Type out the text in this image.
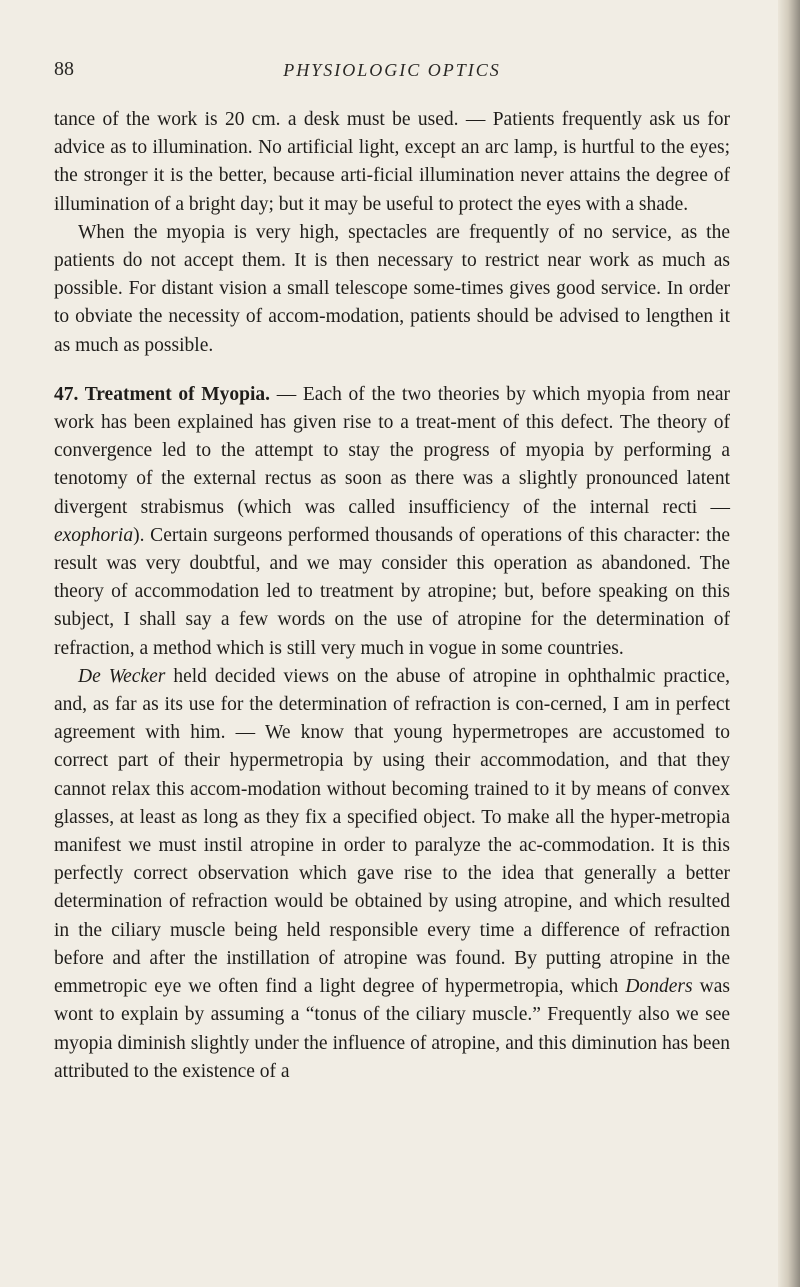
88	PHYSIOLOGIC OPTICS

tance of the work is 20 cm. a desk must be used. — Patients frequently ask us for advice as to illumination. No artificial light, except an arc lamp, is hurtful to the eyes; the stronger it is the better, because arti-ficial illumination never attains the degree of illumination of a bright day; but it may be useful to protect the eyes with a shade.

When the myopia is very high, spectacles are frequently of no service, as the patients do not accept them. It is then necessary to restrict near work as much as possible. For distant vision a small telescope some-times gives good service. In order to obviate the necessity of accom-modation, patients should be advised to lengthen it as much as possible.

47. Treatment of Myopia. — Each of the two theories by which myopia from near work has been explained has given rise to a treat-ment of this defect. The theory of convergence led to the attempt to stay the progress of myopia by performing a tenotomy of the external rectus as soon as there was a slightly pronounced latent divergent strabismus (which was called insufficiency of the internal recti — exophoria). Certain surgeons performed thousands of operations of this character: the result was very doubtful, and we may consider this operation as abandoned. The theory of accommodation led to treatment by atropine; but, before speaking on this subject, I shall say a few words on the use of atropine for the determination of refraction, a method which is still very much in vogue in some countries.

De Wecker held decided views on the abuse of atropine in ophthalmic practice, and, as far as its use for the determination of refraction is con-cerned, I am in perfect agreement with him. — We know that young hypermetropes are accustomed to correct part of their hypermetropia by using their accommodation, and that they cannot relax this accom-modation without becoming trained to it by means of convex glasses, at least as long as they fix a specified object. To make all the hyper-metropia manifest we must instil atropine in order to paralyze the ac-commodation. It is this perfectly correct observation which gave rise to the idea that generally a better determination of refraction would be obtained by using atropine, and which resulted in the ciliary muscle being held responsible every time a difference of refraction before and after the instillation of atropine was found. By putting atropine in the emmetropic eye we often find a light degree of hypermetropia, which Donders was wont to explain by assuming a “tonus of the ciliary muscle.” Frequently also we see myopia diminish slightly under the influence of atropine, and this diminution has been attributed to the existence of a
